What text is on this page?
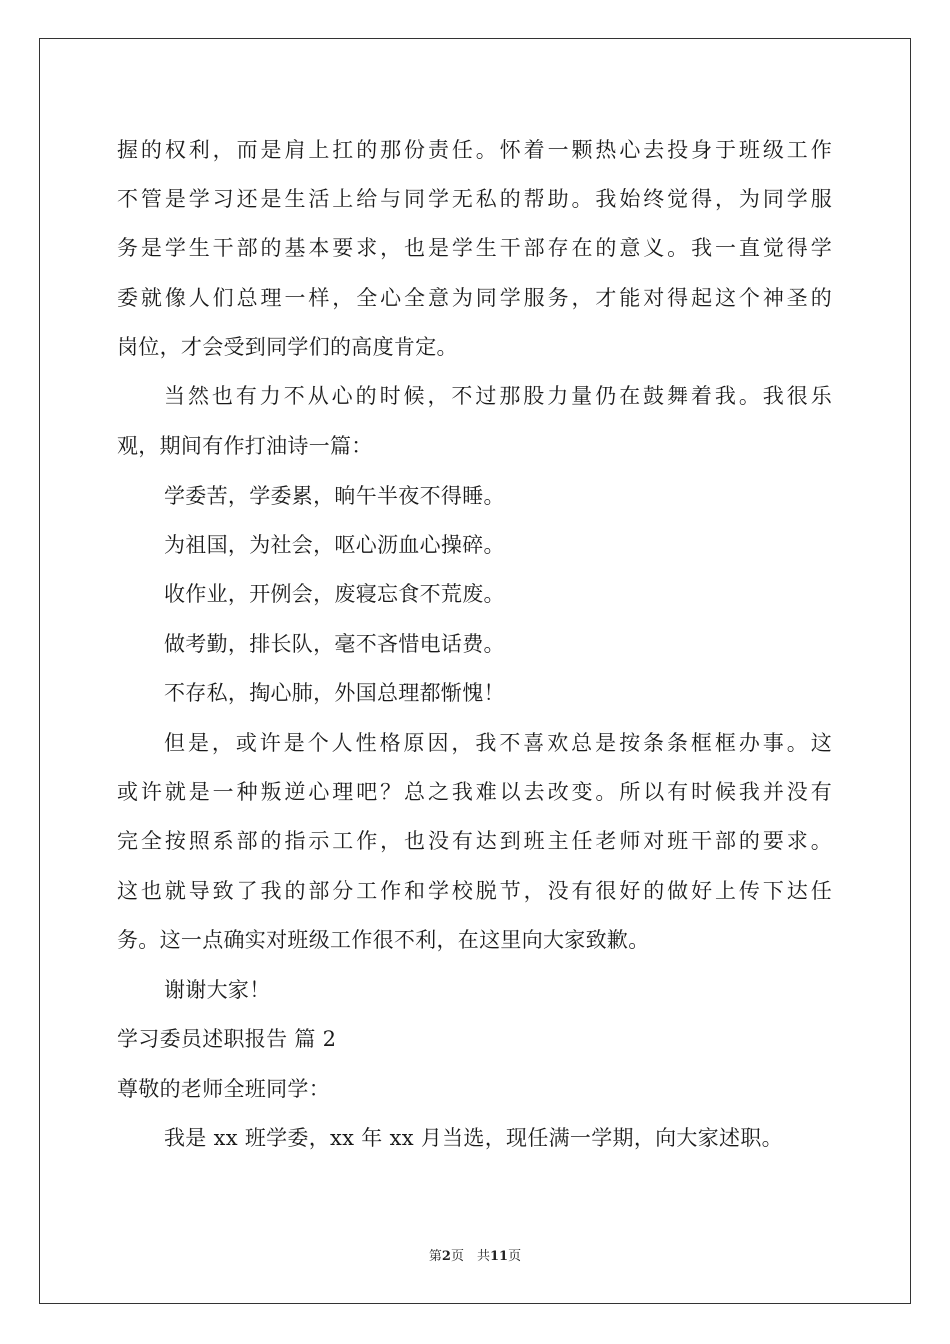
握的权利，而是肩上扛的那份责任。怀着一颗热心去投身于班级工作
不管是学习还是生活上给与同学无私的帮助。我始终觉得，为同学服
务是学生干部的基本要求，也是学生干部存在的意义。我一直觉得学
委就像人们总理一样，全心全意为同学服务，才能对得起这个神圣的
岗位，才会受到同学们的高度肯定。
当然也有力不从心的时候，不过那股力量仍在鼓舞着我。我很乐
观，期间有作打油诗一篇：
学委苦，学委累，晌午半夜不得睡。
为祖国，为社会，呕心沥血心操碎。
收作业，开例会，废寝忘食不荒废。
做考勤，排长队，毫不吝惜电话费。
不存私，掏心肺，外国总理都惭愧！
但是，或许是个人性格原因，我不喜欢总是按条条框框办事。这
或许就是一种叛逆心理吧？总之我难以去改变。所以有时候我并没有
完全按照系部的指示工作，也没有达到班主任老师对班干部的要求。
这也就导致了我的部分工作和学校脱节，没有很好的做好上传下达任
务。这一点确实对班级工作很不利，在这里向大家致歉。
谢谢大家！
学习委员述职报告 篇 2
尊敬的老师全班同学：
我是 xx 班学委，xx 年 xx 月当选，现任满一学期，向大家述职。
第2页　共11页
